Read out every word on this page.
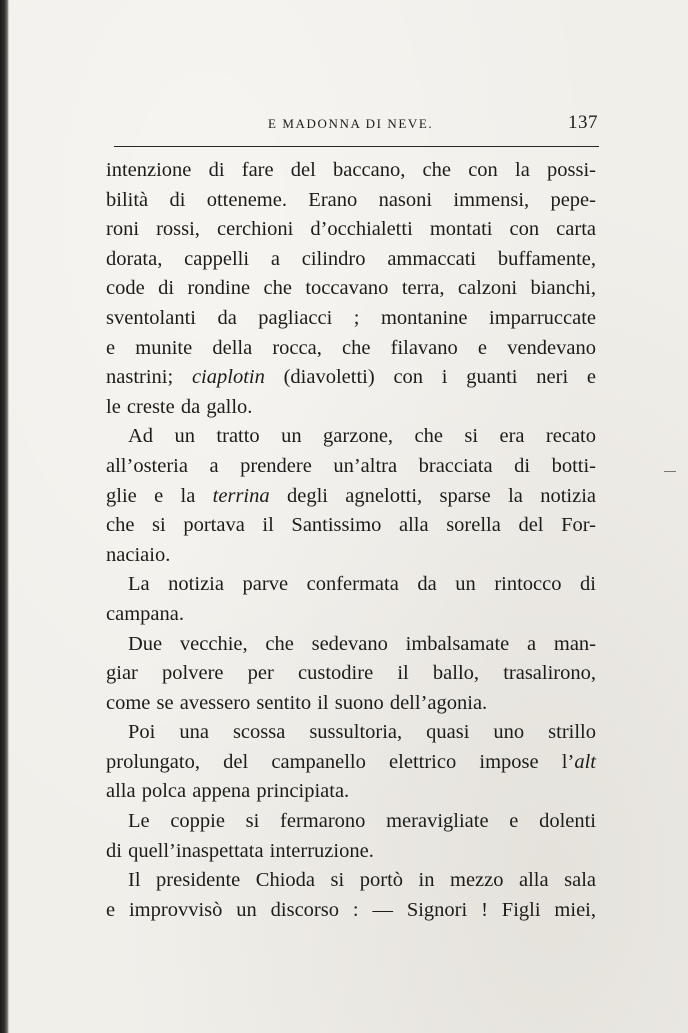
E MADONNA DI NEVE.	137
intenzione di fare del baccano, che con la possi-
bilità di otteneme. Erano nasoni immensi, pepe-
roni rossi, cerchioni d’occhialetti montati con carta
dorata, cappelli a cilindro ammaccati buffamente,
code di rondine che toccavano terra, calzoni bianchi,
sventolanti da pagliacci ; montanine imparruccate
e munite della rocca, che filavano e vendevano
nastrini; ciaplotin (diavoletti) con i guanti neri e
le creste da gallo.
Ad un tratto un garzone, che si era recato
all’osteria a prendere un’altra bracciata di botti-
glie e la terrina degli agnelotti, sparse la notizia
che si portava il Santissimo alla sorella del For-
naciaio.
La notizia parve confermata da un rintocco di
campana.
Due vecchie, che sedevano imbalsamate a man-
giar polvere per custodire il ballo, trasalirono,
come se avessero sentito il suono dell’agonia.
Poi una scossa sussultoria, quasi uno strillo
prolungato, del campanello elettrico impose l’alt
alla polca appena principiata.
Le coppie si fermarono meravigliate e dolenti
di quell’inaspettata interruzione.
Il presidente Chioda si portò in mezzo alla sala
e improvvisò un discorso : — Signori ! Figli miei,
